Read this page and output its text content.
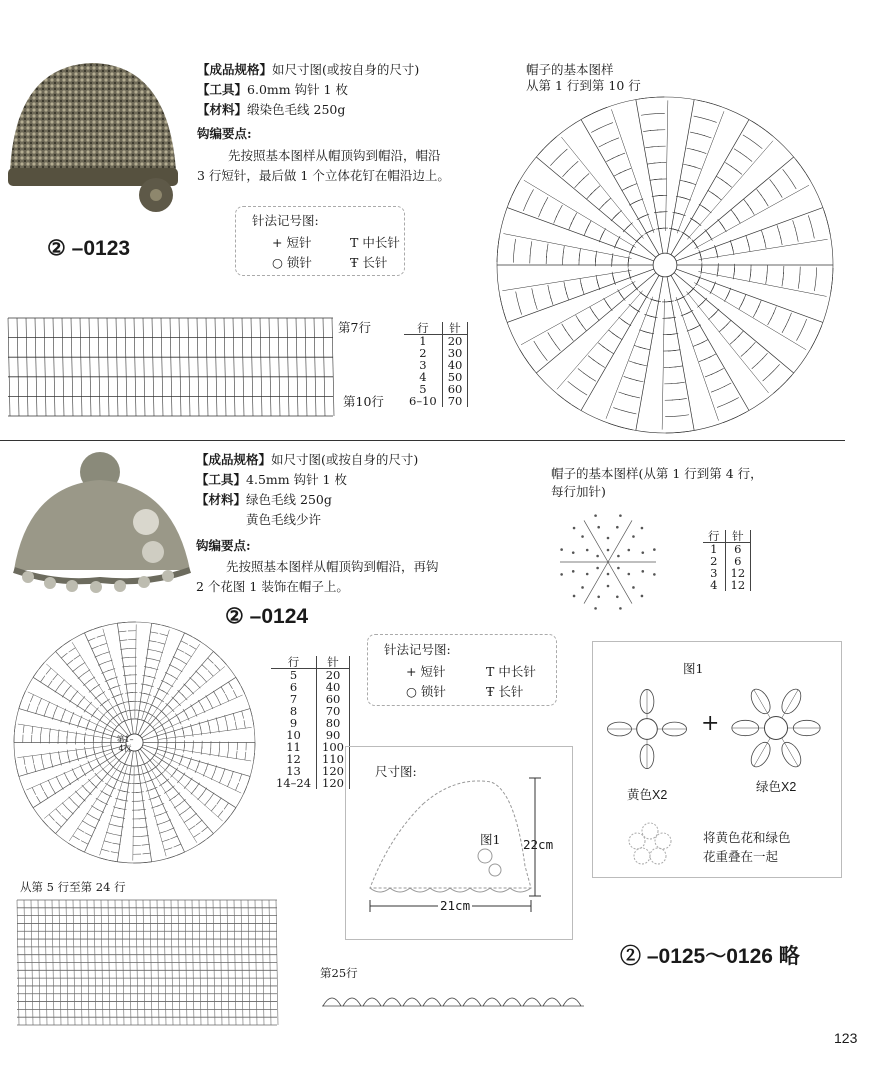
② –0123
【成品规格】如尺寸图(或按自身的尺寸)
【工具】6.0mm 钩针 1 枚
【材料】缎染色毛线 250g
钩编要点:
先按照基本图样从帽顶钩到帽沿，帽沿
3 行短针，最后做 1 个立体花钉在帽沿边上。
针法记号图:
+ 短针	T 中长针
○ 锁针	Ŧ 长针
帽子的基本图样
从第 1 行到第 10 行
第7行
第10行
行	针
1	20
2	30
3	40
4	50
5	60
6–10	70
② –0124
【成品规格】如尺寸图(或按自身的尺寸)
【工具】4.5mm 钩针 1 枚
【材料】绿色毛线 250g
黄色毛线少许
钩编要点:
先按照基本图样从帽顶钩到帽沿，再钩
2 个花图 1 装饰在帽子上。
帽子的基本图样(从第 1 行到第 4 行，
每行加针)
行	针
1	6
2	6
3	12
4	12
第1–4行
行	针
5	20
6	40
7	60
8	70
9	80
10	90
11	100
12	110
13	120
14–24	120
从第 5 行至第 24 行
针法记号图:
+ 短针	T 中长针
○ 锁针	Ŧ 长针
尺寸图:
图1 22cm
21cm
第25行
图1
+
黄色X2
绿色X2
将黄色花和绿色
花重叠在一起
② –0125～0126 略
123
